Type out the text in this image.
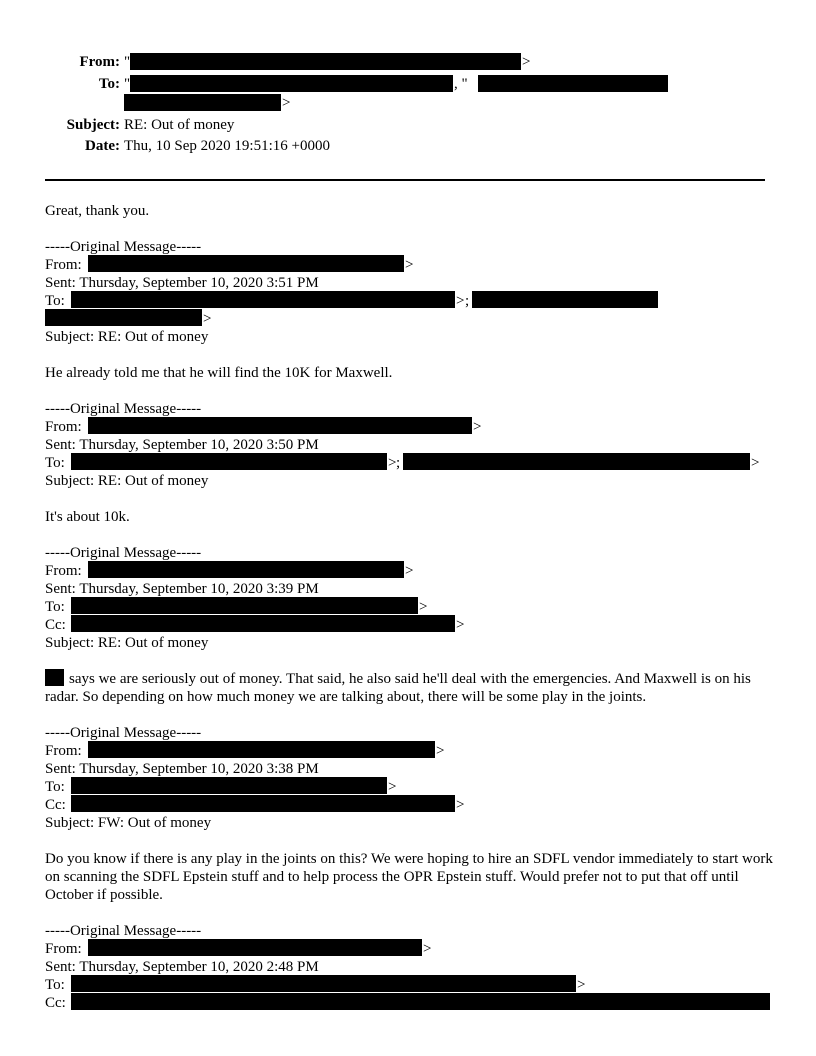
From: "	>
To: "	, "
>
Subject: RE: Out of money
Date: Thu, 10 Sep 2020 19:51:16 +0000
Great, thank you.
-----Original Message-----
From:	>
Sent: Thursday, September 10, 2020 3:51 PM
To:	> ;
>
Subject: RE: Out of money
He already told me that he will find the 10K for Maxwell.
-----Original Message-----
From:	>
Sent: Thursday, September 10, 2020 3:50 PM
To:	> ;	>
Subject: RE: Out of money
It's about 10k.
-----Original Message-----
From:	>
Sent: Thursday, September 10, 2020 3:39 PM
To:	>
Cc:	>
Subject: RE: Out of money
says we are seriously out of money. That said, he also said he'll deal with the emergencies. And Maxwell is on his radar. So depending on how much money we are talking about, there will be some play in the joints.
-----Original Message-----
From:	>
Sent: Thursday, September 10, 2020 3:38 PM
To:	>
Cc:	>
Subject: FW: Out of money
Do you know if there is any play in the joints on this? We were hoping to hire an SDFL vendor immediately to start work on scanning the SDFL Epstein stuff and to help process the OPR Epstein stuff. Would prefer not to put that off until October if possible.
-----Original Message-----
From:	>
Sent: Thursday, September 10, 2020 2:48 PM
To:	>
Cc:
